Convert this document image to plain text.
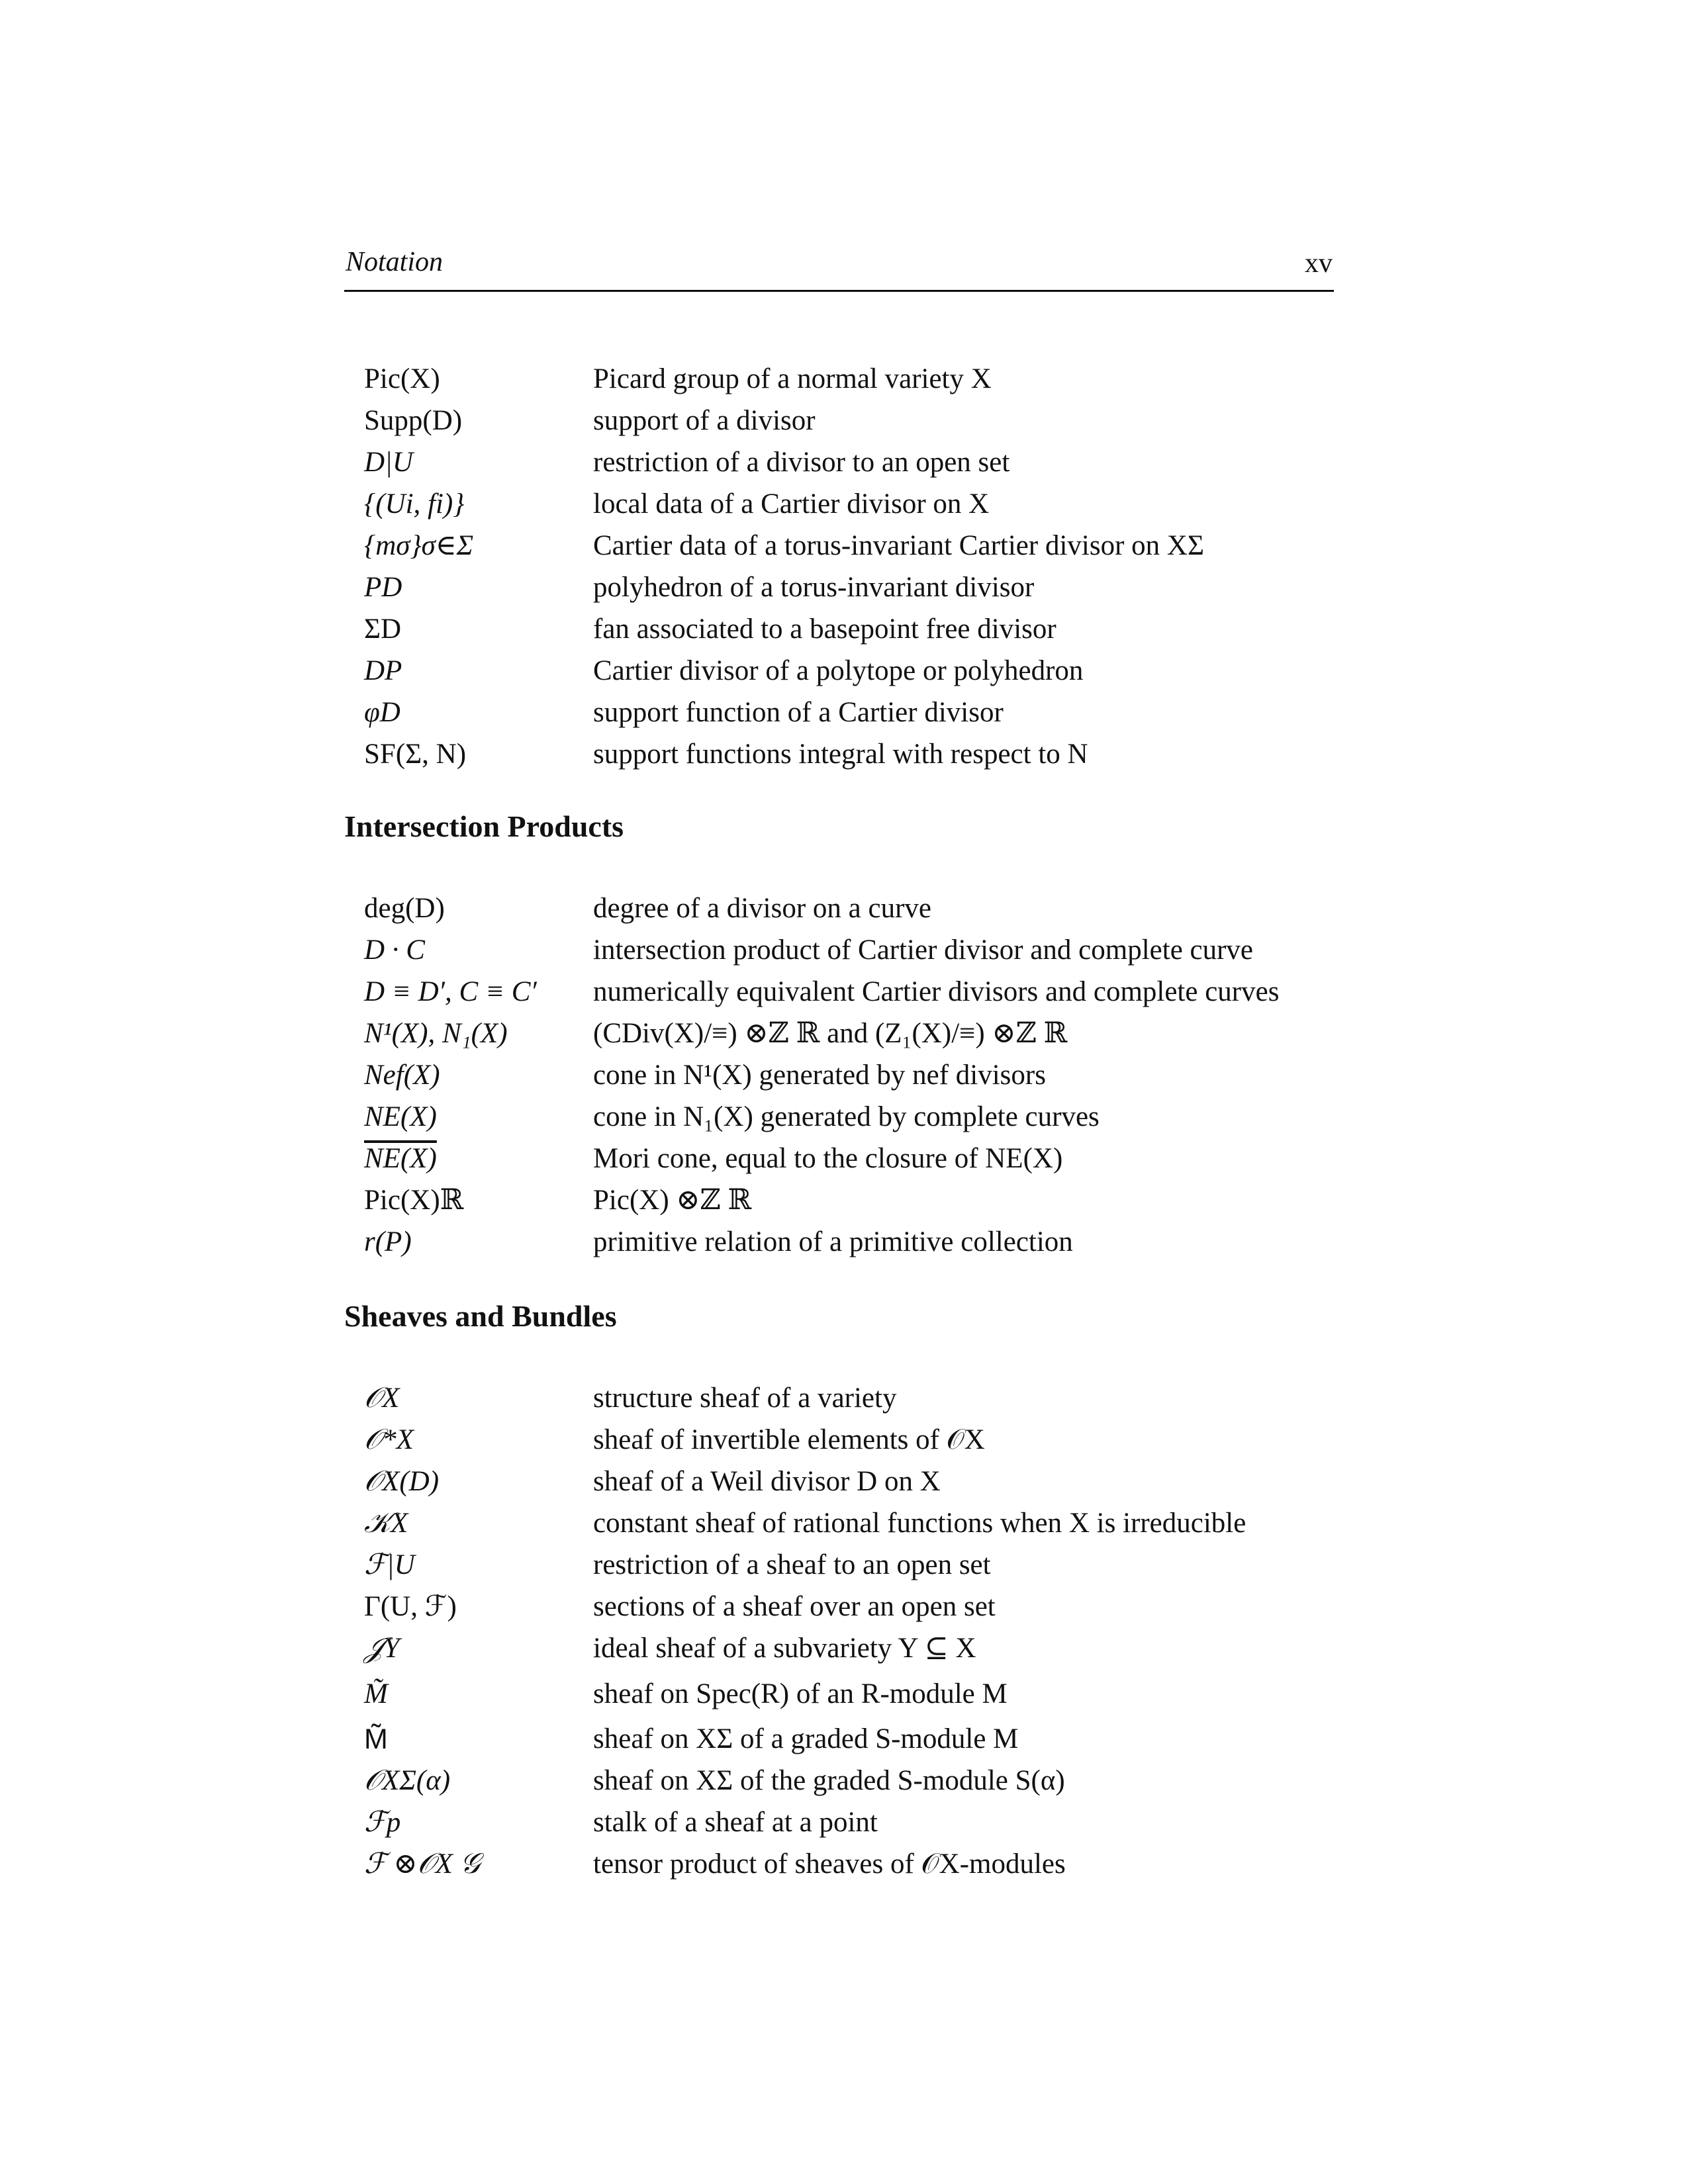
Notation	xv
Pic(X)	Picard group of a normal variety X
Supp(D)	support of a divisor
D|U	restriction of a divisor to an open set
{(Ui, fi)}	local data of a Cartier divisor on X
{mσ}σ∈Σ	Cartier data of a torus-invariant Cartier divisor on XΣ
PD	polyhedron of a torus-invariant divisor
ΣD	fan associated to a basepoint free divisor
DP	Cartier divisor of a polytope or polyhedron
φD	support function of a Cartier divisor
SF(Σ, N)	support functions integral with respect to N
Intersection Products
deg(D)	degree of a divisor on a curve
D · C	intersection product of Cartier divisor and complete curve
D ≡ D′, C ≡ C′	numerically equivalent Cartier divisors and complete curves
N¹(X), N₁(X)	(CDiv(X)/≡) ⊗ℤ ℝ and (Z₁(X)/≡) ⊗ℤ ℝ
Nef(X)	cone in N¹(X) generated by nef divisors
NE(X)	cone in N₁(X) generated by complete curves
NE(X)	Mori cone, equal to the closure of NE(X)
Pic(X)ℝ	Pic(X) ⊗ℤ ℝ
r(P)	primitive relation of a primitive collection
Sheaves and Bundles
𝒪X	structure sheaf of a variety
𝒪*X	sheaf of invertible elements of 𝒪X
𝒪X(D)	sheaf of a Weil divisor D on X
𝒦X	constant sheaf of rational functions when X is irreducible
ℱ|U	restriction of a sheaf to an open set
Γ(U, ℱ)	sections of a sheaf over an open set
𝒥Y	ideal sheaf of a subvariety Y ⊆ X
M̃	sheaf on Spec(R) of an R-module M
M̃	sheaf on XΣ of a graded S-module M
𝒪XΣ(α)	sheaf on XΣ of the graded S-module S(α)
ℱp	stalk of a sheaf at a point
ℱ ⊗𝒪X 𝒢	tensor product of sheaves of 𝒪X-modules
